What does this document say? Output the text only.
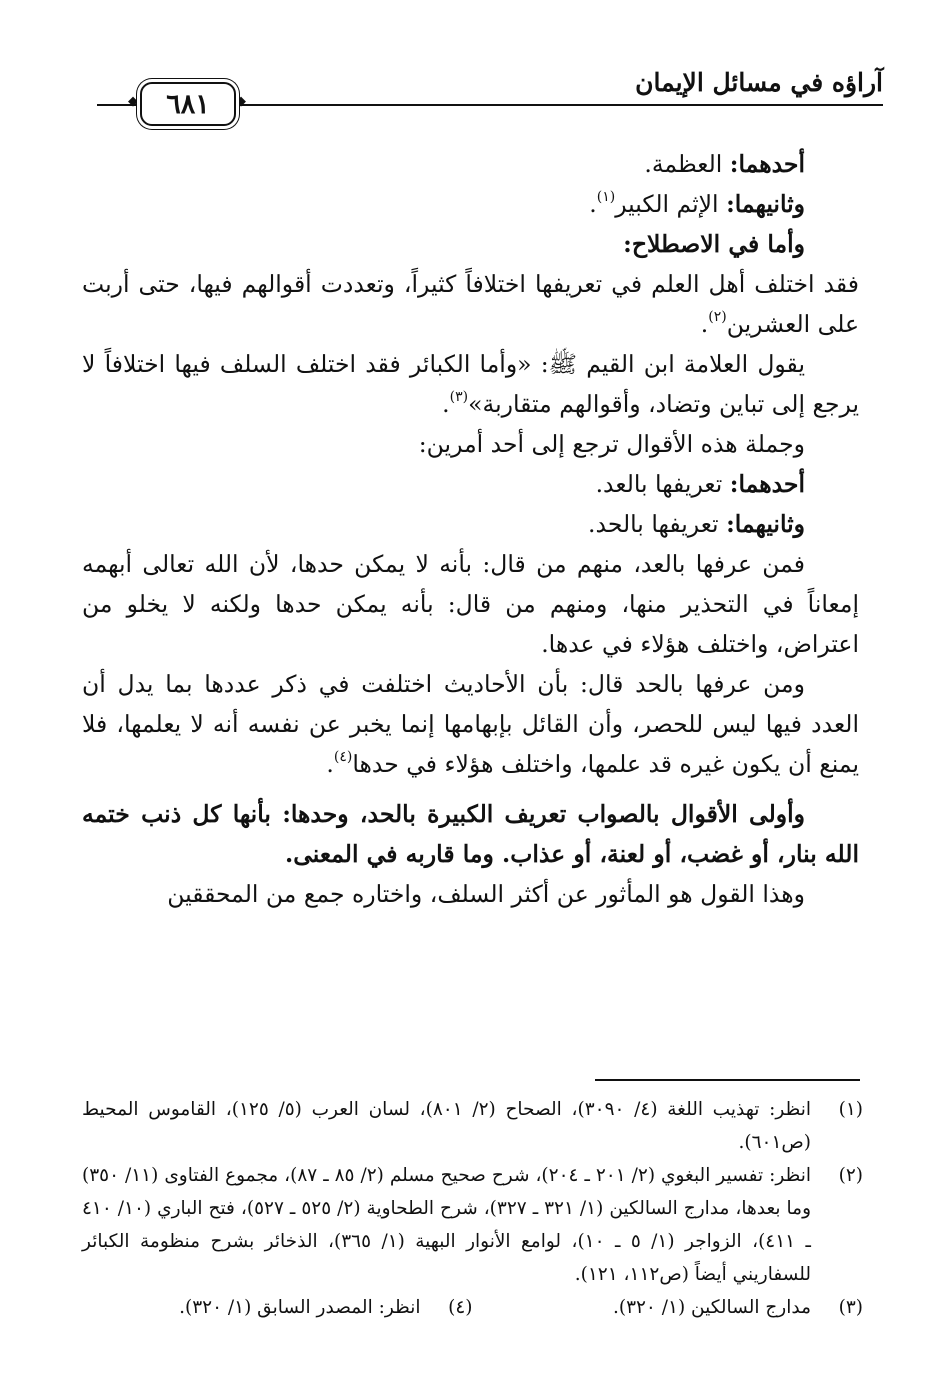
آراؤه في مسائل الإيمان
◆	◆
٦٨١

أحدهما: العظمة.

وثانيهما: الإثم الكبير$^{(١)}$.

وأما في الاصطلاح:

فقد اختلف أهل العلم في تعريفها اختلافاً كثيراً، وتعددت أقوالهم فيها، حتى أربت على العشرين$^{(٢)}$.

يقول العلامة ابن القيم ﷺ: «وأما الكبائر فقد اختلف السلف فيها اختلافاً لا يرجع إلى تباين وتضاد، وأقوالهم متقاربة»$^{(٣)}$.

وجملة هذه الأقوال ترجع إلى أحد أمرين:

أحدهما: تعريفها بالعد.

وثانيهما: تعريفها بالحد.

فمن عرفها بالعد، منهم من قال: بأنه لا يمكن حدها، لأن الله تعالى أبهمه إمعاناً في التحذير منها، ومنهم من قال: بأنه يمكن حدها ولكنه لا يخلو من اعتراض، واختلف هؤلاء في عدها.

ومن عرفها بالحد قال: بأن الأحاديث اختلفت في ذكر عددها بما يدل أن العدد فيها ليس للحصر، وأن القائل بإبهامها إنما يخبر عن نفسه أنه لا يعلمها، فلا يمنع أن يكون غيره قد علمها، واختلف هؤلاء في حدها$^{(٤)}$.

وأولى الأقوال بالصواب تعريف الكبيرة بالحد، وحدها: بأنها كل ذنب ختمه الله بنار، أو غضب، أو لعنة، أو عذاب. وما قاربه في المعنى.

وهذا القول هو المأثور عن أكثر السلف، واختاره جمع من المحققين

(١)
انظر: تهذيب اللغة (٤/ ٣٠٩٠)، الصحاح (٢/ ٨٠١)، لسان العرب (٥/ ١٢٥)، القاموس المحيط (ص٦٠١).

(٢)
انظر: تفسير البغوي (٢/ ٢٠١ ـ ٢٠٤)، شرح صحيح مسلم (٢/ ٨٥ ـ ٨٧)، مجموع الفتاوى (١١/ ٣٥٠) وما بعدها، مدارج السالكين (١/ ٣٢١ ـ ٣٢٧)، شرح الطحاوية (٢/ ٥٢٥ ـ ٥٢٧)، فتح الباري (١٠/ ٤١٠ ـ ٤١١)، الزواجر (١/ ٥ ـ ١٠)، لوامع الأنوار البهية (١/ ٣٦٥)، الذخائر بشرح منظومة الكبائر للسفاريني أيضاً (ص١١٢، ١٢١).

(٣)
مدارج السالكين (١/ ٣٢٠).

(٤)
انظر: المصدر السابق (١/ ٣٢٠).
